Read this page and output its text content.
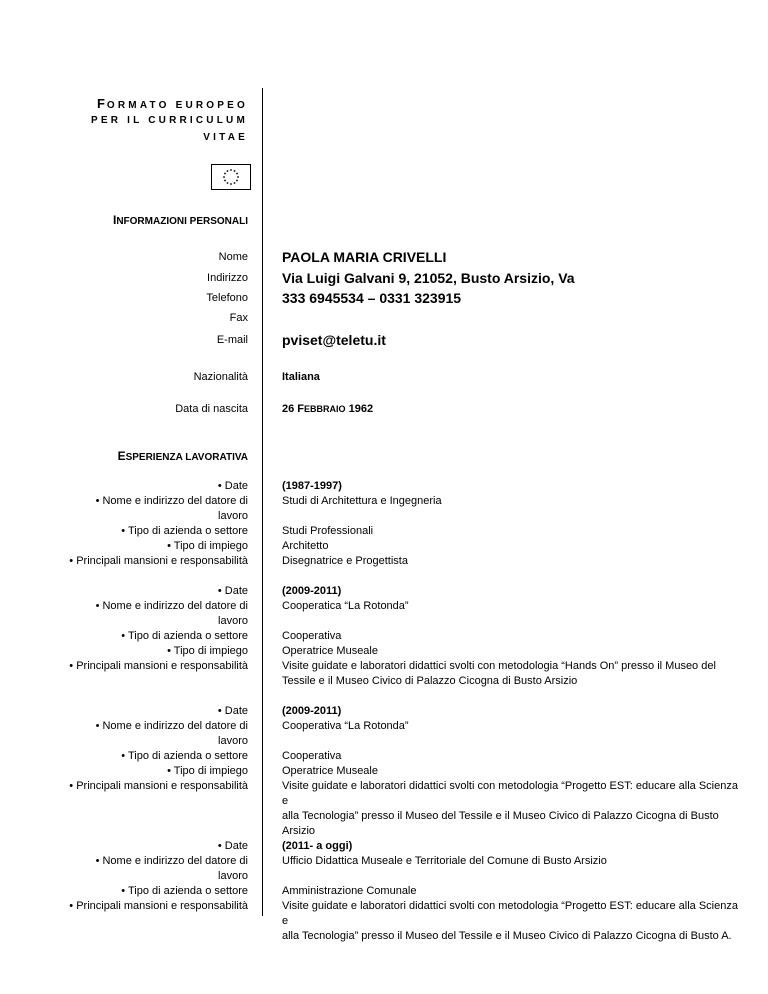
FORMATO EUROPEO
PER IL CURRICULUM
VITAE
INFORMAZIONI PERSONALI
Nome PAOLA MARIA CRIVELLI
Indirizzo Via Luigi Galvani 9, 21052, Busto Arsizio, Va
Telefono 333 6945534 – 0331 323915
Fax
E-mail pviset@teletu.it
Nazionalità	Italiana
Data di nascita	26 FEBBRAIO 1962
ESPERIENZA LAVORATIVA
• Date
• Nome e indirizzo del datore di
lavoro
• Tipo di azienda o settore
• Tipo di impiego
• Principali mansioni e responsabilità
(1987-1997)
Studi di Architettura e Ingegneria
Studi Professionali
Architetto
Disegnatrice e Progettista
• Date
• Nome e indirizzo del datore di
lavoro
• Tipo di azienda o settore
• Tipo di impiego
• Principali mansioni e responsabilità
(2009-2011)
Cooperatica “La Rotonda”
Cooperativa
Operatrice Museale
Visite guidate e laboratori didattici svolti con metodologia “Hands On” presso il Museo del
Tessile e il Museo Civico di Palazzo Cicogna di Busto Arsizio
• Date
• Nome e indirizzo del datore di
lavoro
• Tipo di azienda o settore
• Tipo di impiego
• Principali mansioni e responsabilità
(2009-2011)
Cooperativa “La Rotonda”
Cooperativa
Operatrice Museale
Visite guidate e laboratori didattici svolti con metodologia “Progetto EST: educare alla Scienza e
alla Tecnologia” presso il Museo del Tessile e il Museo Civico di Palazzo Cicogna di Busto
Arsizio
• Date
• Nome e indirizzo del datore di
lavoro
• Tipo di azienda o settore
• Principali mansioni e responsabilità
(2011- a oggi)
Ufficio Didattica Museale e Territoriale del Comune di Busto Arsizio
Amministrazione Comunale
Visite guidate e laboratori didattici svolti con metodologia “Progetto EST: educare alla Scienza e
alla Tecnologia” presso il Museo del Tessile e il Museo Civico di Palazzo Cicogna di Busto A.
